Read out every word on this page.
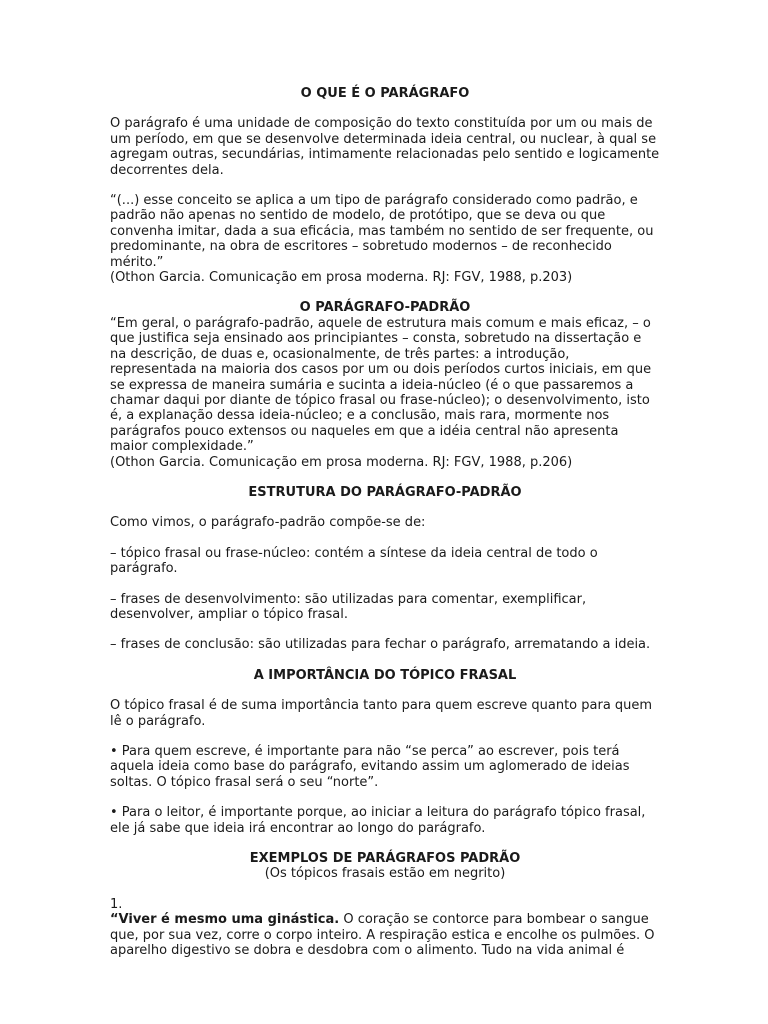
O QUE É O PARÁGRAFO

O parágrafo é uma unidade de composição do texto constituída por um ou mais de um período, em que se desenvolve determinada ideia central, ou nuclear, à qual se agregam outras, secundárias, intimamente relacionadas pelo sentido e logicamente decorrentes dela.

“(...) esse conceito se aplica a um tipo de parágrafo considerado como padrão, e padrão não apenas no sentido de modelo, de protótipo, que se deva ou que convenha imitar, dada a sua eficácia, mas também no sentido de ser frequente, ou predominante, na obra de escritores – sobretudo modernos – de reconhecido mérito.”

(Othon Garcia. Comunicação em prosa moderna. RJ: FGV, 1988, p.203)

O PARÁGRAFO-PADRÃO

“Em geral, o parágrafo-padrão, aquele de estrutura mais comum e mais eficaz, – o que justifica seja ensinado aos principiantes – consta, sobretudo na dissertação e na descrição, de duas e, ocasionalmente, de três partes: a introdução, representada na maioria dos casos por um ou dois períodos curtos iniciais, em que se expressa de maneira sumária e sucinta a ideia-núcleo (é o que passaremos a chamar daqui por diante de tópico frasal ou frase-núcleo); o desenvolvimento, isto é, a explanação dessa ideia-núcleo; e a conclusão, mais rara, mormente nos parágrafos pouco extensos ou naqueles em que a idéia central não apresenta maior complexidade.”

(Othon Garcia. Comunicação em prosa moderna. RJ: FGV, 1988, p.206)

ESTRUTURA DO PARÁGRAFO-PADRÃO

Como vimos, o parágrafo-padrão compõe-se de:

– tópico frasal ou frase-núcleo: contém a síntese da ideia central de todo o parágrafo.

– frases de desenvolvimento: são utilizadas para comentar, exemplificar, desenvolver, ampliar o tópico frasal.

– frases de conclusão: são utilizadas para fechar o parágrafo, arrematando a ideia.

A IMPORTÂNCIA DO TÓPICO FRASAL

O tópico frasal é de suma importância tanto para quem escreve quanto para quem lê o parágrafo.

• Para quem escreve, é importante para não “se perca” ao escrever, pois terá aquela ideia como base do parágrafo, evitando assim um aglomerado de ideias soltas. O tópico frasal será o seu “norte”.

• Para o leitor, é importante porque, ao iniciar a leitura do parágrafo tópico frasal, ele já sabe que ideia irá encontrar ao longo do parágrafo.

EXEMPLOS DE PARÁGRAFOS PADRÃO

(Os tópicos frasais estão em negrito)

1.

“Viver é mesmo uma ginástica. O coração se contorce para bombear o sangue que, por sua vez, corre o corpo inteiro. A respiração estica e encolhe os pulmões. O aparelho digestivo se dobra e desdobra com o alimento. Tudo na vida animal é
